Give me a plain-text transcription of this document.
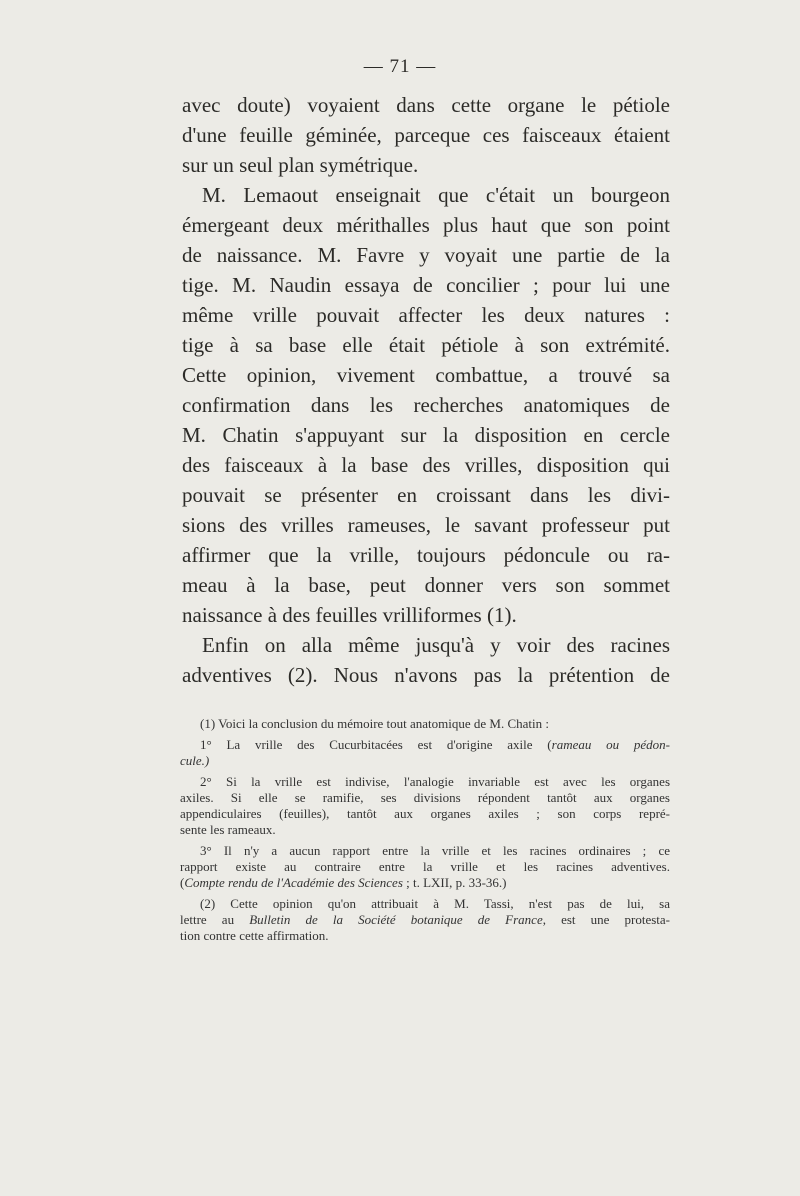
— 71 —

avec doute) voyaient dans cette organe le pétiole
d'une feuille géminée, parceque ces faisceaux étaient
sur un seul plan symétrique.

M. Lemaout enseignait que c'était un bourgeon
émergeant deux mérithalles plus haut que son point
de naissance. M. Favre y voyait une partie de la
tige. M. Naudin essaya de concilier ; pour lui une
même vrille pouvait affecter les deux natures :
tige à sa base elle était pétiole à son extrémité.
Cette opinion, vivement combattue, a trouvé sa
confirmation dans les recherches anatomiques de
M. Chatin s'appuyant sur la disposition en cercle
des faisceaux à la base des vrilles, disposition qui
pouvait se présenter en croissant dans les divi-
sions des vrilles rameuses, le savant professeur put
affirmer que la vrille, toujours pédoncule ou ra-
meau à la base, peut donner vers son sommet
naissance à des feuilles vrilliformes (1).

Enfin on alla même jusqu'à y voir des racines
adventives (2). Nous n'avons pas la prétention de

(1) Voici la conclusion du mémoire tout anatomique de M. Chatin :

1° La vrille des Cucurbitacées est d'origine axile (rameau ou pédon-
cule.)

2° Si la vrille est indivise, l'analogie invariable est avec les organes
axiles. Si elle se ramifie, ses divisions répondent tantôt aux organes
appendiculaires (feuilles), tantôt aux organes axiles ; son corps repré-
sente les rameaux.

3° Il n'y a aucun rapport entre la vrille et les racines ordinaires ; ce
rapport existe au contraire entre la vrille et les racines adventives.
(Compte rendu de l'Académie des Sciences ; t. LXII, p. 33-36.)

(2) Cette opinion qu'on attribuait à M. Tassi, n'est pas de lui, sa
lettre au Bulletin de la Société botanique de France, est une protesta-
tion contre cette affirmation.
